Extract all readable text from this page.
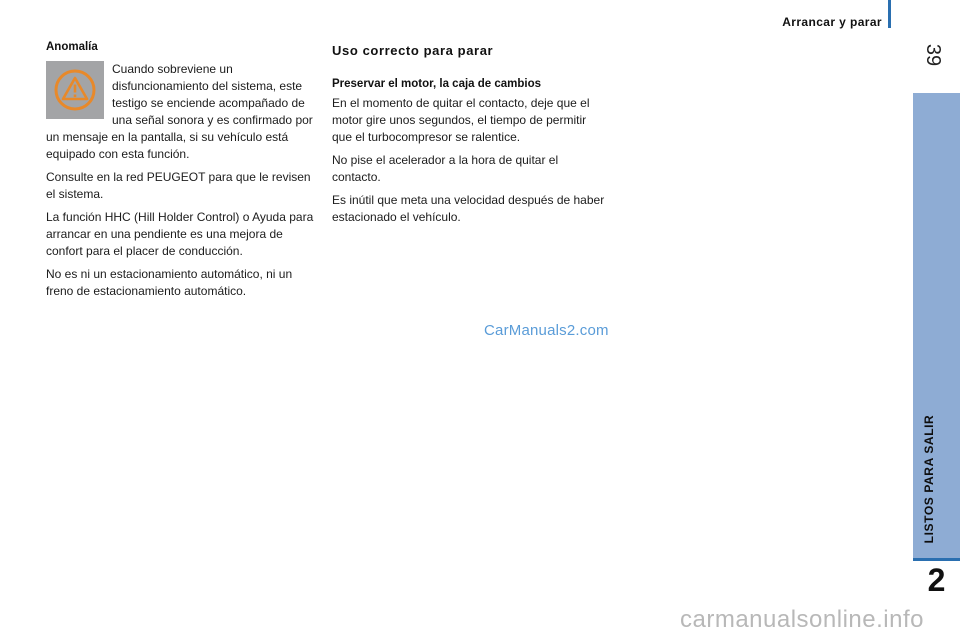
Arrancar y parar
39
LISTOS PARA SALIR
2
Anomalía

Cuando sobreviene un disfuncionamiento del sistema, este testigo se enciende acompañado de una señal sonora y es confirmado por un mensaje en la pantalla, si su vehículo está equipado con esta función.

Consulte en la red PEUGEOT para que le revisen el sistema.

La función HHC (Hill Holder Control) o Ayuda para arrancar en una pendiente es una mejora de confort para el placer de conducción.

No es ni un estacionamiento automático, ni un freno de estacionamiento automático.

Uso correcto para parar
Preservar el motor, la caja de cambios

En el momento de quitar el contacto, deje que el motor gire unos segundos, el tiempo de permitir que el turbocompresor se ralentice.

No pise el acelerador a la hora de quitar el contacto.

Es inútil que meta una velocidad después de haber estacionado el vehículo.

CarManuals2.com
carmanualsonline.info
